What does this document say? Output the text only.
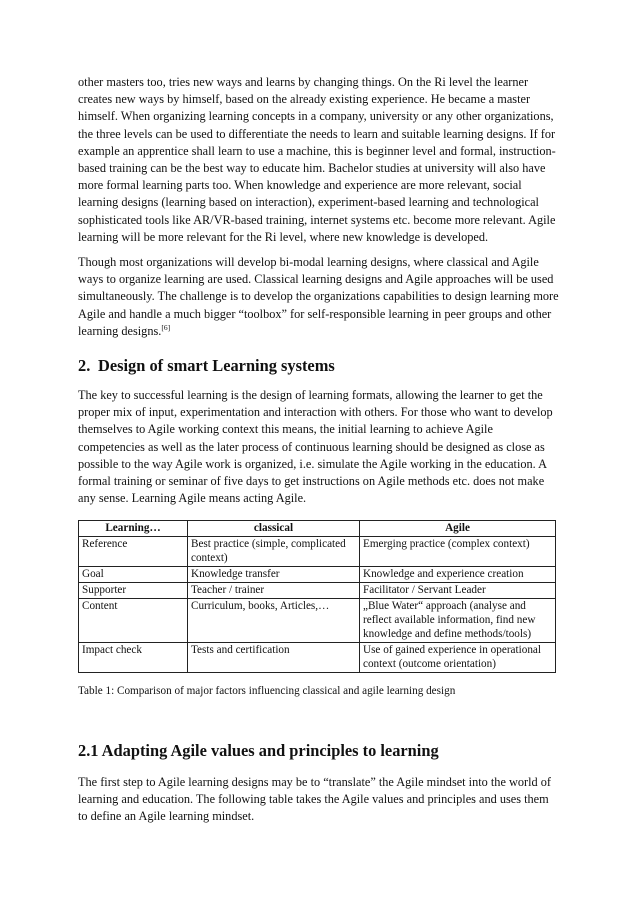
other masters too, tries new ways and learns by changing things. On the Ri level the learner creates new ways by himself, based on the already existing experience. He became a master himself. When organizing learning concepts in a company, university or any other organizations, the three levels can be used to differentiate the needs to learn and suitable learning designs. If for example an apprentice shall learn to use a machine, this is beginner level and formal, instruction-based training can be the best way to educate him. Bachelor studies at university will also have more formal learning parts too. When knowledge and experience are more relevant, social learning designs (learning based on interaction), experiment-based learning and technological sophisticated tools like AR/VR-based training, internet systems etc. become more relevant. Agile learning will be more relevant for the Ri level, where new knowledge is developed.

Though most organizations will develop bi-modal learning designs, where classical and Agile ways to organize learning are used. Classical learning designs and Agile approaches will be used simultaneously. The challenge is to develop the organizations capabilities to design learning more Agile and handle a much bigger “toolbox” for self-responsible learning in peer groups and other learning designs.[6]

2. Design of smart Learning systems

The key to successful learning is the design of learning formats, allowing the learner to get the proper mix of input, experimentation and interaction with others. For those who want to develop themselves to Agile working context this means, the initial learning to achieve Agile competencies as well as the later process of continuous learning should be designed as close as possible to the way Agile work is organized, i.e. simulate the Agile working in the education. A formal training or seminar of five days to get instructions on Agile methods etc. does not make any sense. Learning Agile means acting Agile.

Learning…	classical	Agile
Reference	Best practice (simple, complicated context)	Emerging practice (complex context)
Goal	Knowledge transfer	Knowledge and experience creation
Supporter	Teacher / trainer	Facilitator / Servant Leader
Content	Curriculum, books, Articles,…	„Blue Water“ approach (analyse and reflect available information, find new knowledge and define methods/tools)
Impact check	Tests and certification	Use of gained experience in operational context (outcome orientation)

Table 1: Comparison of major factors influencing classical and agile learning design

2.1 Adapting Agile values and principles to learning

The first step to Agile learning designs may be to “translate” the Agile mindset into the world of learning and education. The following table takes the Agile values and principles and uses them to define an Agile learning mindset.
